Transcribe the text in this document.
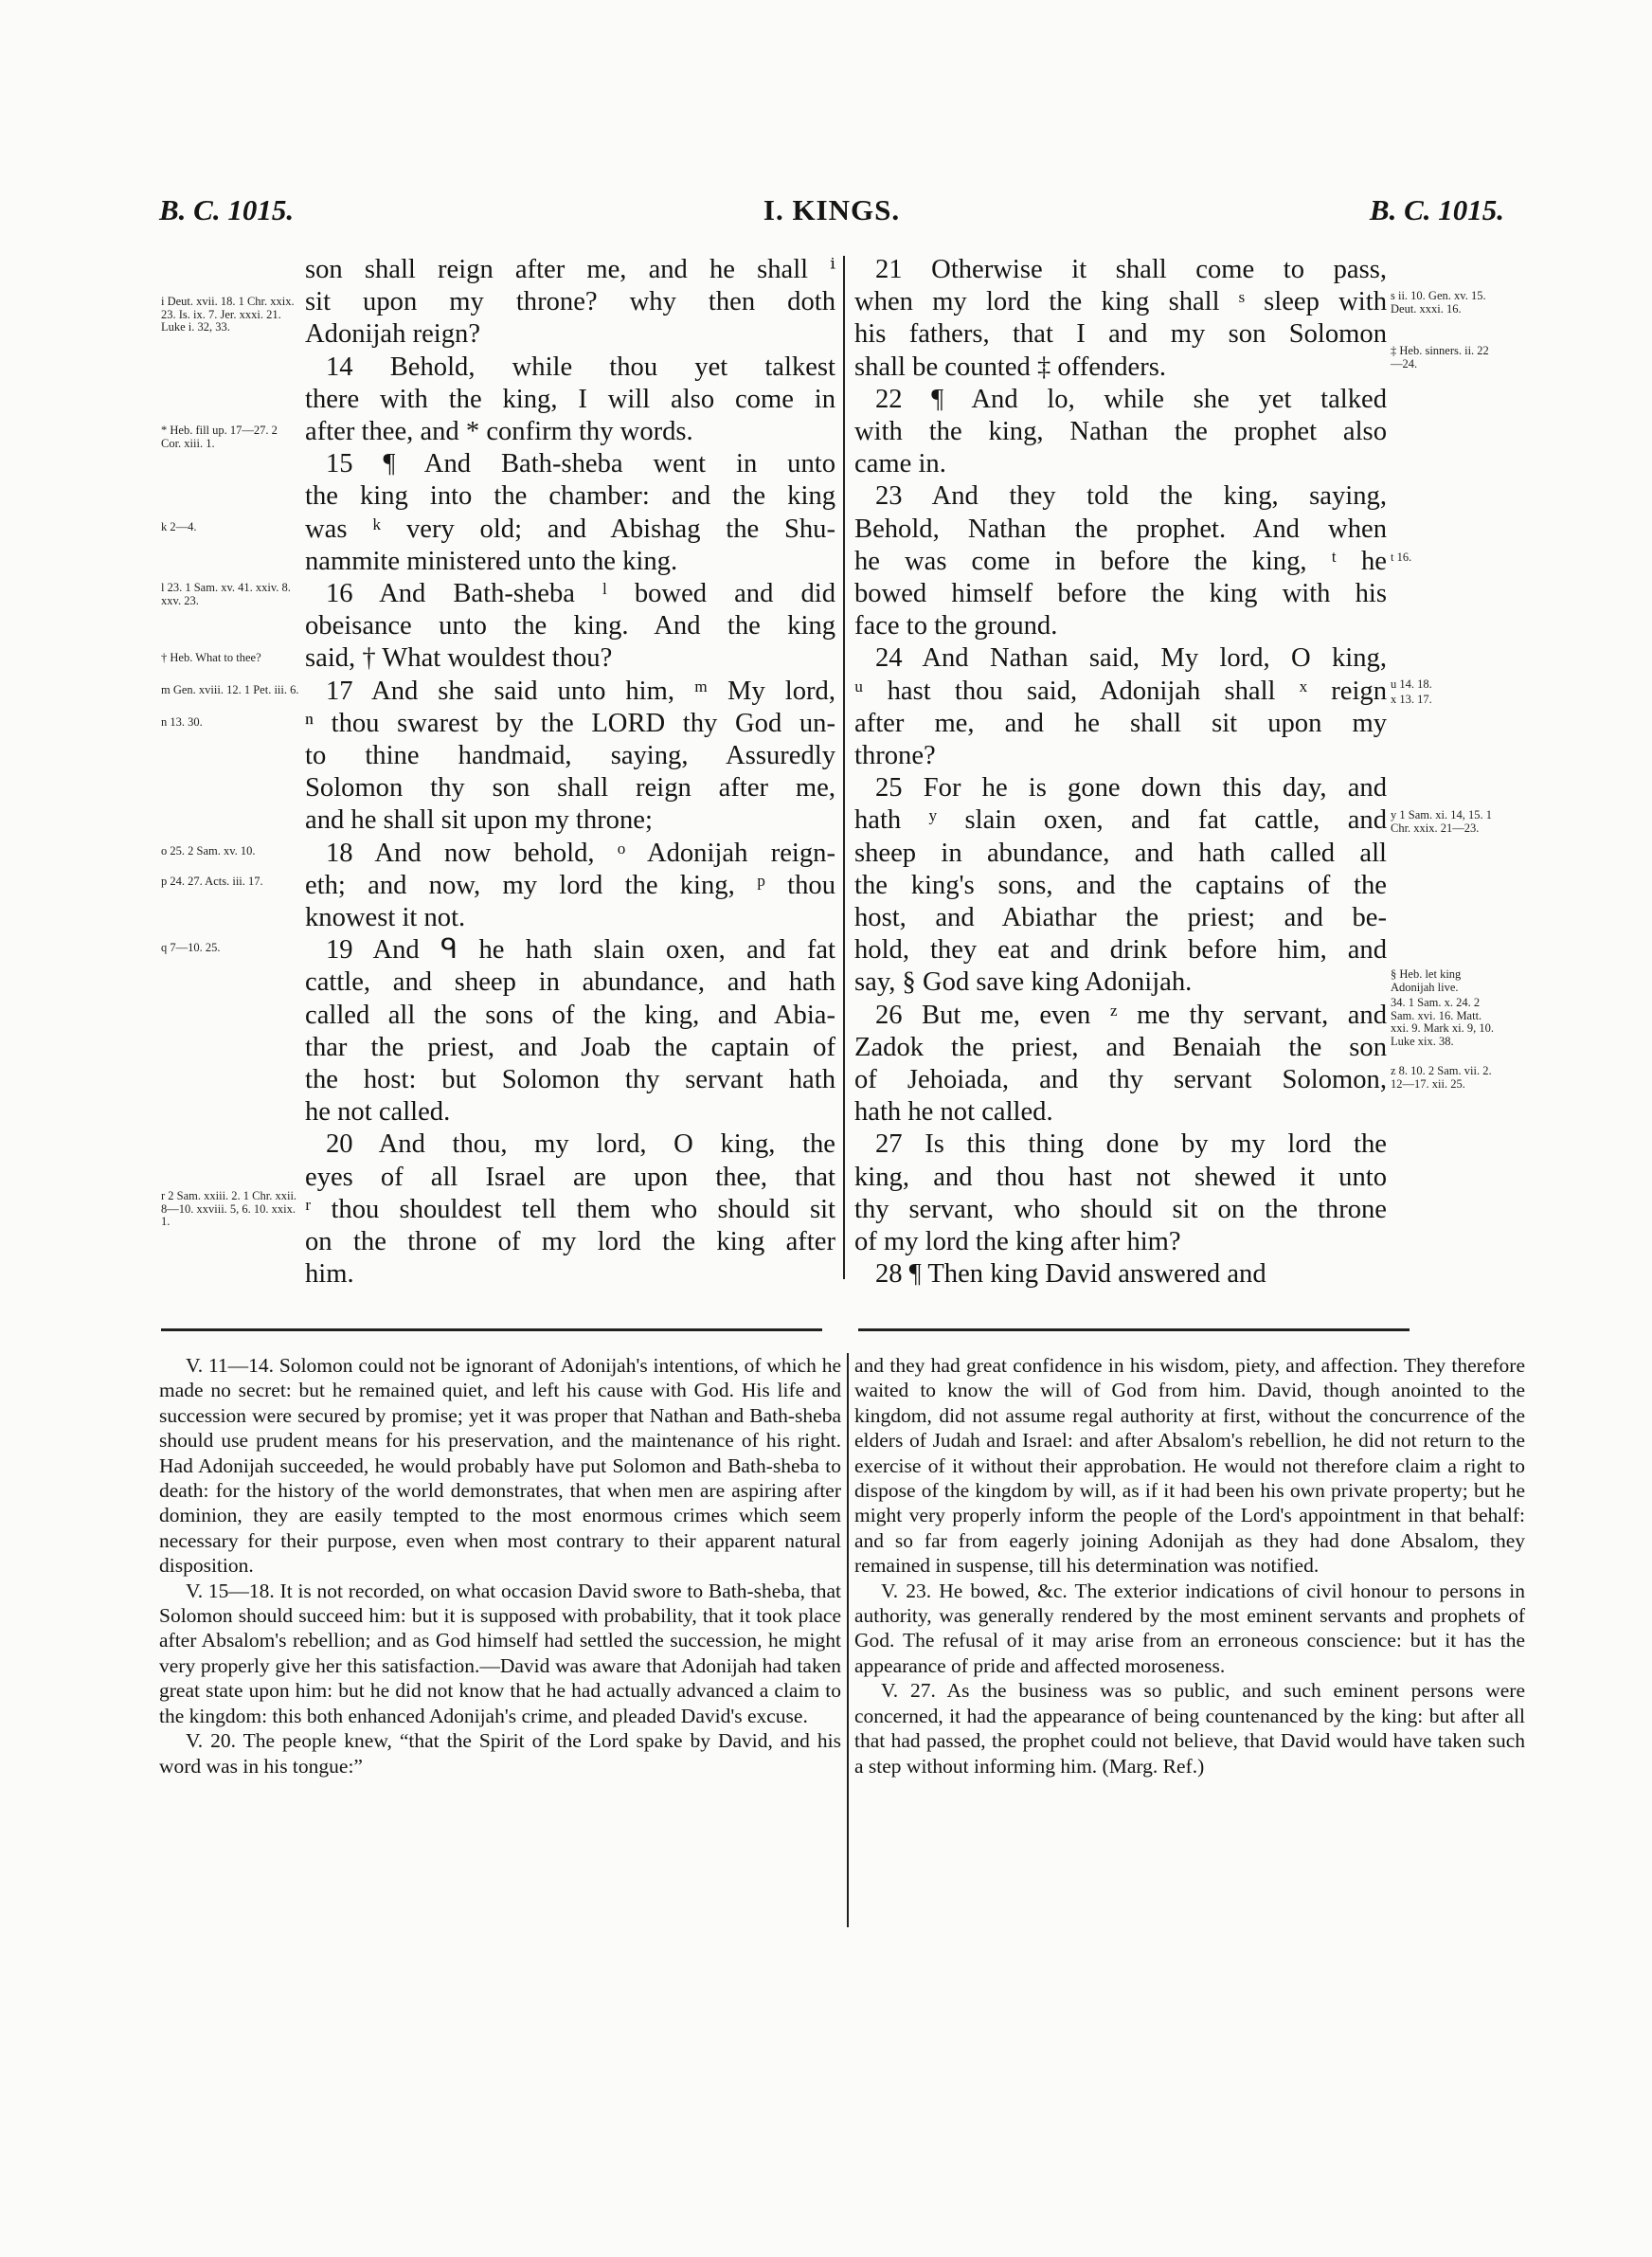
B. C. 1015.	I. KINGS.	B. C. 1015.
son shall reign after me, and he shall ⁱ
sit upon my throne? why then doth
Adonijah reign?
14 Behold, while thou yet talkest
there with the king, I will also come in
after thee, and * confirm thy words.
15 ¶ And Bath-sheba went in unto
the king into the chamber: and the king
was ᵏ very old; and Abishag the Shu-
nammite ministered unto the king.
16 And Bath-sheba ˡ bowed and did
obeisance unto the king. And the king
said, † What wouldest thou?
17 And she said unto him, ᵐ My lord,
ⁿ thou swarest by the LORD thy God un-
to thine handmaid, saying, Assuredly
Solomon thy son shall reign after me,
and he shall sit upon my throne;
18 And now behold, ᵒ Adonijah reign-
eth; and now, my lord the king, ᵖ thou
knowest it not.
19 And ᑫ he hath slain oxen, and fat
cattle, and sheep in abundance, and hath
called all the sons of the king, and Abia-
thar the priest, and Joab the captain of
the host: but Solomon thy servant hath
he not called.
20 And thou, my lord, O king, the
eyes of all Israel are upon thee, that
ʳ thou shouldest tell them who should sit
on the throne of my lord the king after
him.
i Deut. xvii. 18. 1 Chr. xxix. 23. Is. ix. 7. Jer. xxxi. 21. Luke i. 32, 33.
* Heb. fill up. 17—27. 2 Cor. xiii. 1.
k 2—4.
l 23. 1 Sam. xv. 41. xxiv. 8. xxv. 23.
† Heb. What to thee?
m Gen. xviii. 12. 1 Pet. iii. 6.
n 13. 30.
o 25. 2 Sam. xv. 10.
p 24. 27. Acts. iii. 17.
q 7—10. 25.
r 2 Sam. xxiii. 2. 1 Chr. xxii. 8—10. xxviii. 5, 6. 10. xxix. 1.
21 Otherwise it shall come to pass,
when my lord the king shall ˢ sleep with
his fathers, that I and my son Solomon
shall be counted ‡ offenders.
22 ¶ And lo, while she yet talked
with the king, Nathan the prophet also
came in.
23 And they told the king, saying,
Behold, Nathan the prophet. And when
he was come in before the king, ᵗ he
bowed himself before the king with his
face to the ground.
24 And Nathan said, My lord, O king,
ᵘ hast thou said, Adonijah shall ˣ reign
after me, and he shall sit upon my
throne?
25 For he is gone down this day, and
hath ʸ slain oxen, and fat cattle, and
sheep in abundance, and hath called all
the king's sons, and the captains of the
host, and Abiathar the priest; and be-
hold, they eat and drink before him, and
say, § God save king Adonijah.
26 But me, even ᶻ me thy servant, and
Zadok the priest, and Benaiah the son
of Jehoiada, and thy servant Solomon,
hath he not called.
27 Is this thing done by my lord the
king, and thou hast not shewed it unto
thy servant, who should sit on the throne
of my lord the king after him?
28 ¶ Then king David answered and
s ii. 10. Gen. xv. 15. Deut. xxxi. 16.
‡ Heb. sinners. ii. 22—24.
t 16.
u 14. 18.
x 13. 17.
y 1 Sam. xi. 14, 15. 1 Chr. xxix. 21—23.
§ Heb. let king Adonijah live.
34. 1 Sam. x. 24. 2 Sam. xvi. 16. Matt. xxi. 9. Mark xi. 9, 10. Luke xix. 38.
z 8. 10. 2 Sam. vii. 2. 12—17. xii. 25.

V. 11—14. Solomon could not be ignorant of Adonijah's intentions, of which he made no secret: but he remained quiet, and left his cause with God. His life and succession were secured by promise; yet it was proper that Nathan and Bath-sheba should use prudent means for his preservation, and the maintenance of his right. Had Adonijah succeeded, he would probably have put Solomon and Bath-sheba to death: for the history of the world demonstrates, that when men are aspiring after dominion, they are easily tempted to the most enormous crimes which seem necessary for their purpose, even when most contrary to their apparent natural disposition.

V. 15—18. It is not recorded, on what occasion David swore to Bath-sheba, that Solomon should succeed him: but it is supposed with probability, that it took place after Absalom's rebellion; and as God himself had settled the succession, he might very properly give her this satisfaction.—David was aware that Adonijah had taken great state upon him: but he did not know that he had actually advanced a claim to the kingdom: this both enhanced Adonijah's crime, and pleaded David's excuse.

V. 20. The people knew, “that the Spirit of the Lord spake by David, and his word was in his tongue:”

and they had great confidence in his wisdom, piety, and affection. They therefore waited to know the will of God from him. David, though anointed to the kingdom, did not assume regal authority at first, without the concurrence of the elders of Judah and Israel: and after Absalom's rebellion, he did not return to the exercise of it without their approbation. He would not therefore claim a right to dispose of the kingdom by will, as if it had been his own private property; but he might very properly inform the people of the Lord's appointment in that behalf: and so far from eagerly joining Adonijah as they had done Absalom, they remained in suspense, till his determination was notified.

V. 23. He bowed, &c. The exterior indications of civil honour to persons in authority, was generally rendered by the most eminent servants and prophets of God. The refusal of it may arise from an erroneous conscience: but it has the appearance of pride and affected moroseness.

V. 27. As the business was so public, and such eminent persons were concerned, it had the appearance of being countenanced by the king: but after all that had passed, the prophet could not believe, that David would have taken such a step without informing him. (Marg. Ref.)
